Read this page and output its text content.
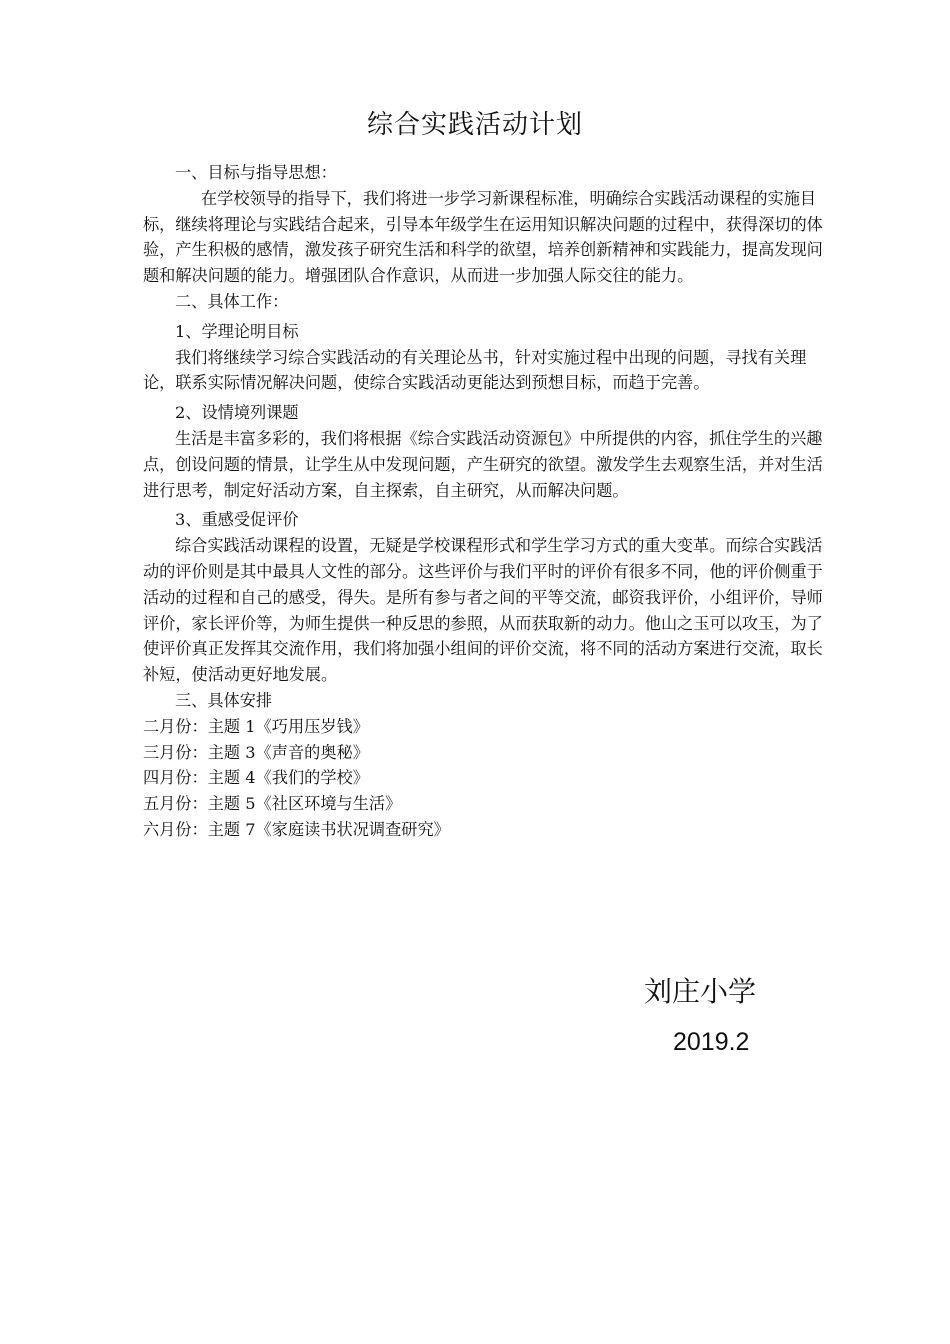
综合实践活动计划

一、目标与指导思想：

在学校领导的指导下，我们将进一步学习新课程标准，明确综合实践活动课程的实施目标，继续将理论与实践结合起来，引导本年级学生在运用知识解决问题的过程中，获得深切的体验，产生积极的感情，激发孩子研究生活和科学的欲望，培养创新精神和实践能力，提高发现问题和解决问题的能力。增强团队合作意识，从而进一步加强人际交往的能力。

二、具体工作：

1、学理论明目标

我们将继续学习综合实践活动的有关理论丛书，针对实施过程中出现的问题，寻找有关理论，联系实际情况解决问题，使综合实践活动更能达到预想目标，而趋于完善。

2、设情境列课题

生活是丰富多彩的，我们将根据《综合实践活动资源包》中所提供的内容，抓住学生的兴趣点，创设问题的情景，让学生从中发现问题，产生研究的欲望。激发学生去观察生活，并对生活进行思考，制定好活动方案，自主探索，自主研究，从而解决问题。

3、重感受促评价

综合实践活动课程的设置，无疑是学校课程形式和学生学习方式的重大变革。而综合实践活动的评价则是其中最具人文性的部分。这些评价与我们平时的评价有很多不同，他的评价侧重于活动的过程和自己的感受，得失。是所有参与者之间的平等交流，邮资我评价，小组评价，导师评价，家长评价等，为师生提供一种反思的参照，从而获取新的动力。他山之玉可以攻玉，为了使评价真正发挥其交流作用，我们将加强小组间的评价交流，将不同的活动方案进行交流，取长补短，使活动更好地发展。

三、具体安排

二月份：主题 1《巧用压岁钱》

三月份：主题 3《声音的奥秘》

四月份：主题 4《我们的学校》

五月份：主题 5《社区环境与生活》

六月份：主题 7《家庭读书状况调查研究》

刘庄小学
2019.2
